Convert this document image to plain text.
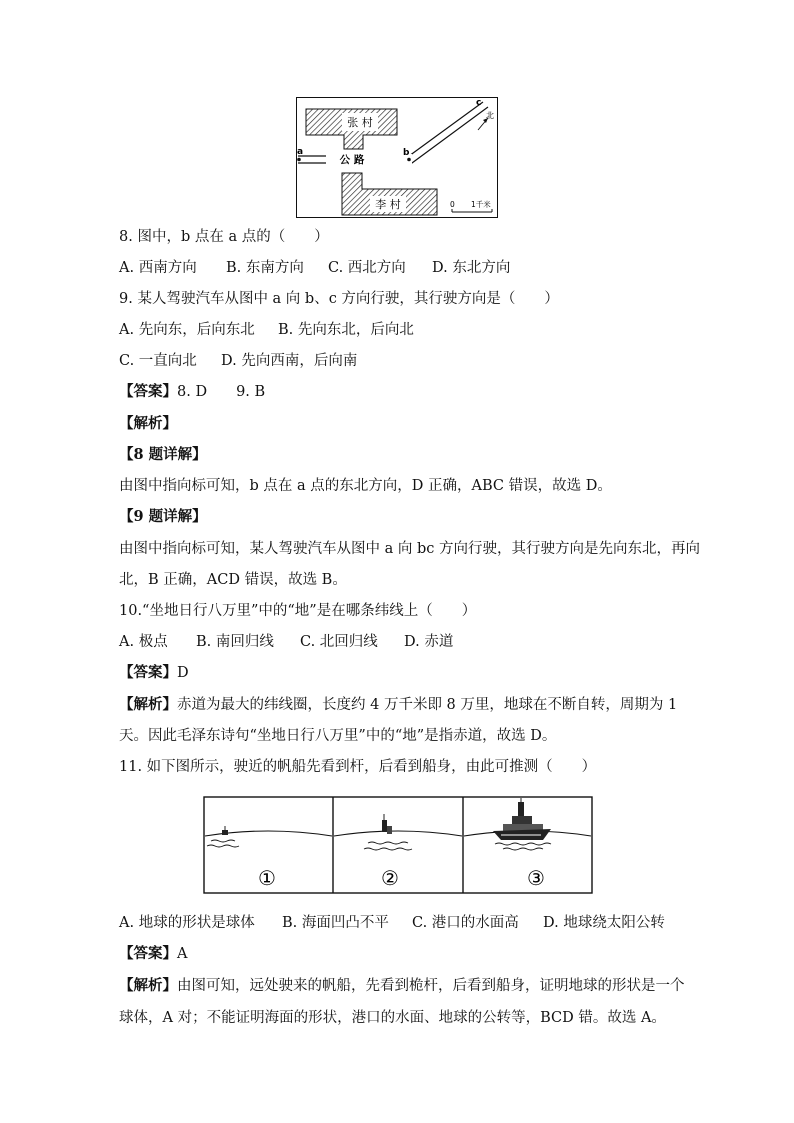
张 村
李 村
公 路
a	b
c
北
0 1千米
8. 图中，b 点在 a 点的（　　）
A. 西南方向 B. 东南方向 C. 西北方向 D. 东北方向
9. 某人驾驶汽车从图中 a 向 b、c 方向行驶，其行驶方向是（　　）
A. 先向东，后向东北 B. 先向东北，后向北
C. 一直向北 D. 先向西南，后向南
【答案】8. D　　9. B
【解析】
【8 题详解】
由图中指向标可知，b 点在 a 点的东北方向，D 正确，ABC 错误，故选 D。
【9 题详解】
由图中指向标可知，某人驾驶汽车从图中 a 向 bc 方向行驶，其行驶方向是先向东北，再向
北，B 正确，ACD 错误，故选 B。
10.“坐地日行八万里”中的“地”是在哪条纬线上（　　）
A. 极点 B. 南回归线 C. 北回归线 D. 赤道
【答案】D
【解析】赤道为最大的纬线圈，长度约 4 万千米即 8 万里，地球在不断自转，周期为 1
天。因此毛泽东诗句“坐地日行八万里”中的“地”是指赤道，故选 D。
11. 如下图所示，驶近的帆船先看到杆，后看到船身，由此可推测（　　）
①	②	③
A. 地球的形状是球体 B. 海面凹凸不平 C. 港口的水面高 D. 地球绕太阳公转
【答案】A
【解析】由图可知，远处驶来的帆船，先看到桅杆，后看到船身，证明地球的形状是一个
球体，A 对；不能证明海面的形状，港口的水面、地球的公转等，BCD 错。故选 A。
